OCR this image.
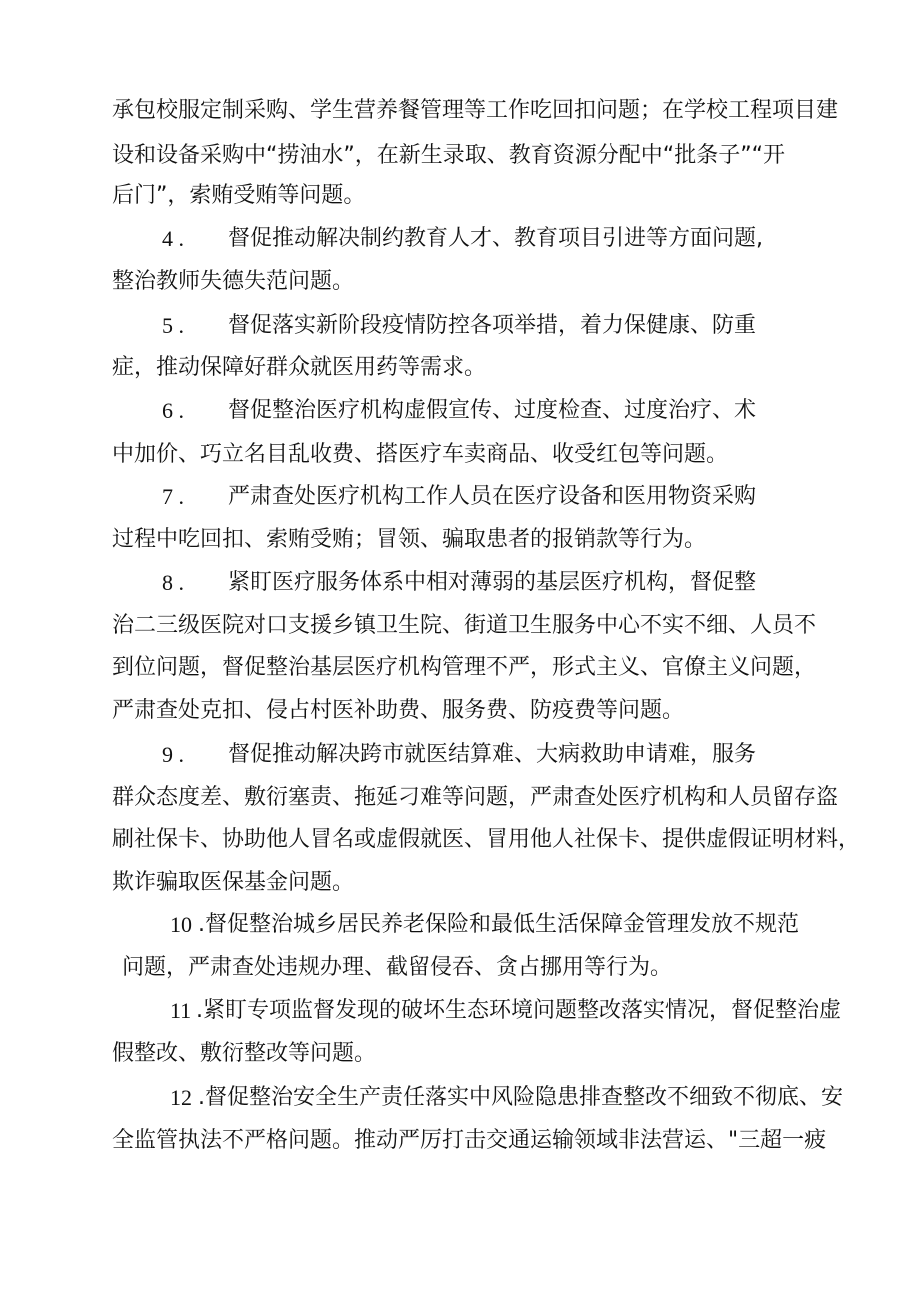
承包校服定制采购、学生营养餐管理等工作吃回扣问题；在学校工程项目建
设和设备采购中“捞油水”，在新生录取、教育资源分配中“批条子”“开
后门”，索贿受贿等问题。
4 . 督促推动解决制约教育人才、教育项目引进等方面问题,
整治教师失德失范问题。
5 . 督促落实新阶段疫情防控各项举措，着力保健康、防重
症，推动保障好群众就医用药等需求。
6 . 督促整治医疗机构虚假宣传、过度检查、过度治疗、术
中加价、巧立名目乱收费、搭医疗车卖商品、收受红包等问题。
7 . 严肃查处医疗机构工作人员在医疗设备和医用物资采购
过程中吃回扣、索贿受贿；冒领、骗取患者的报销款等行为。
8 . 紧盯医疗服务体系中相对薄弱的基层医疗机构，督促整
治二三级医院对口支援乡镇卫生院、街道卫生服务中心不实不细、人员不
到位问题，督促整治基层医疗机构管理不严，形式主义、官僚主义问题，
严肃查处克扣、侵占村医补助费、服务费、防疫费等问题。
9 . 督促推动解决跨市就医结算难、大病救助申请难，服务
群众态度差、敷衍塞责、拖延刁难等问题，严肃查处医疗机构和人员留存盗
刷社保卡、协助他人冒名或虚假就医、冒用他人社保卡、提供虚假证明材料，
欺诈骗取医保基金问题。
10 .督促整治城乡居民养老保险和最低生活保障金管理发放不规范
问题，严肃查处违规办理、截留侵吞、贪占挪用等行为。
11 .紧盯专项监督发现的破坏生态环境问题整改落实情况，督促整治虚
假整改、敷衍整改等问题。
12 .督促整治安全生产责任落实中风险隐患排查整改不细致不彻底、安
全监管执法不严格问题。推动严厉打击交通运输领域非法营运、"三超一疲
